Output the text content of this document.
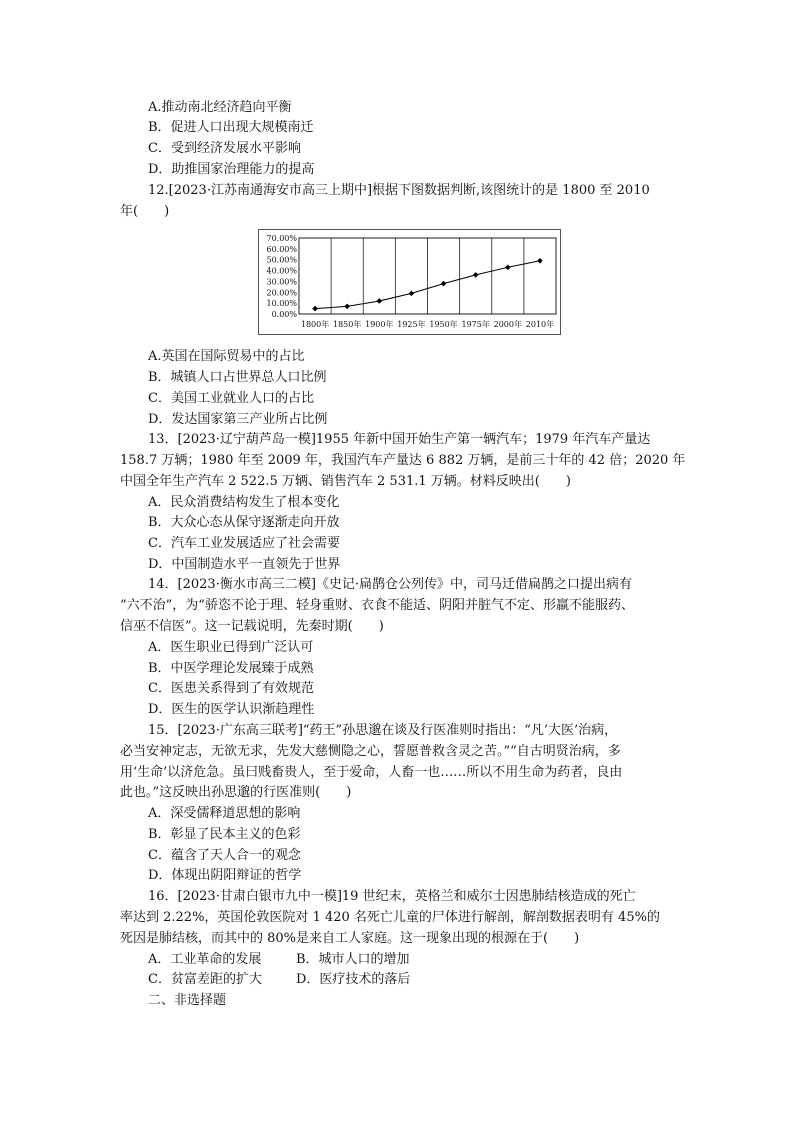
A.推动南北经济趋向平衡
B．促进人口出现大规模南迁
C．受到经济发展水平影响
D．助推国家治理能力的提高
12.[2023·江苏南通海安市高三上期中]根据下图数据判断,该图统计的是 1800 至 2010
年(　　)
70.00%
60.00%
50.00%
40.00%
30.00%
20.00%
10.00%
0.00%
1800年 1850年 1900年 1925年 1950年 1975年 2000年 2010年
A.英国在国际贸易中的占比
B．城镇人口占世界总人口比例
C．美国工业就业人口的占比
D．发达国家第三产业所占比例
13．[2023·辽宁葫芦岛一模]1955 年新中国开始生产第一辆汽车；1979 年汽车产量达
158.7 万辆；1980 年至 2009 年，我国汽车产量达 6 882 万辆，是前三十年的 42 倍；2020 年
中国全年生产汽车 2 522.5 万辆、销售汽车 2 531.1 万辆。材料反映出(　　)
A．民众消费结构发生了根本变化
B．大众心态从保守逐渐走向开放
C．汽车工业发展适应了社会需要
D．中国制造水平一直领先于世界
14．[2023·衡水市高三二模]《史记·扁鹊仓公列传》中，司马迁借扁鹊之口提出病有
“六不治”，为“骄恣不论于理、轻身重财、衣食不能适、阴阳并脏气不定、形羸不能服药、
信巫不信医”。这一记载说明，先秦时期(　　)
A．医生职业已得到广泛认可
B．中医学理论发展臻于成熟
C．医患关系得到了有效规范
D．医生的医学认识渐趋理性
15．[2023·广东高三联考]“药王”孙思邈在谈及行医准则时指出：“凡‘大医’治病，
必当安神定志，无欲无求，先发大慈恻隐之心，誓愿普救含灵之苦。”“自古明贤治病，多
用‘生命’以济危急。虽曰贱畜贵人，至于爱命，人畜一也……所以不用生命为药者，良由
此也。”这反映出孙思邈的行医准则(　　)
A．深受儒释道思想的影响
B．彰显了民本主义的色彩
C．蕴含了天人合一的观念
D．体现出阴阳辩证的哲学
16．[2023·甘肃白银市九中一模]19 世纪末，英格兰和威尔士因患肺结核造成的死亡
率达到 2.22%，英国伦敦医院对 1 420 名死亡儿童的尸体进行解剖，解剖数据表明有 45%的
死因是肺结核，而其中的 80%是来自工人家庭。这一现象出现的根源在于(　　)
A．工业革命的发展	B．城市人口的增加
C．贫富差距的扩大	D．医疗技术的落后
二、非选择题
